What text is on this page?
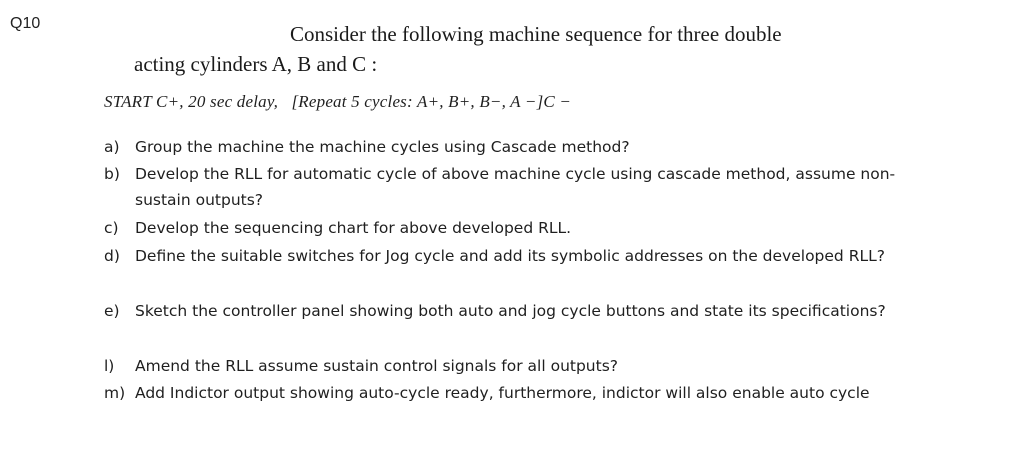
Q10	Consider the following machine sequence for three double
acting cylinders A, B and C :
START C+, 20 sec delay, [Repeat 5 cycles: A+, B+, B−, A −]C −
a) Group the machine the machine cycles using Cascade method?
b) Develop the RLL for automatic cycle of above machine cycle using cascade method, assume non-sustain outputs?
c) Develop the sequencing chart for above developed RLL.
d) Define the suitable switches for Jog cycle and add its symbolic addresses on the developed RLL?
e) Sketch the controller panel showing both auto and jog cycle buttons and state its specifications?
l) Amend the RLL assume sustain control signals for all outputs?
m) Add Indictor output showing auto-cycle ready, furthermore, indictor will also enable auto cycle
